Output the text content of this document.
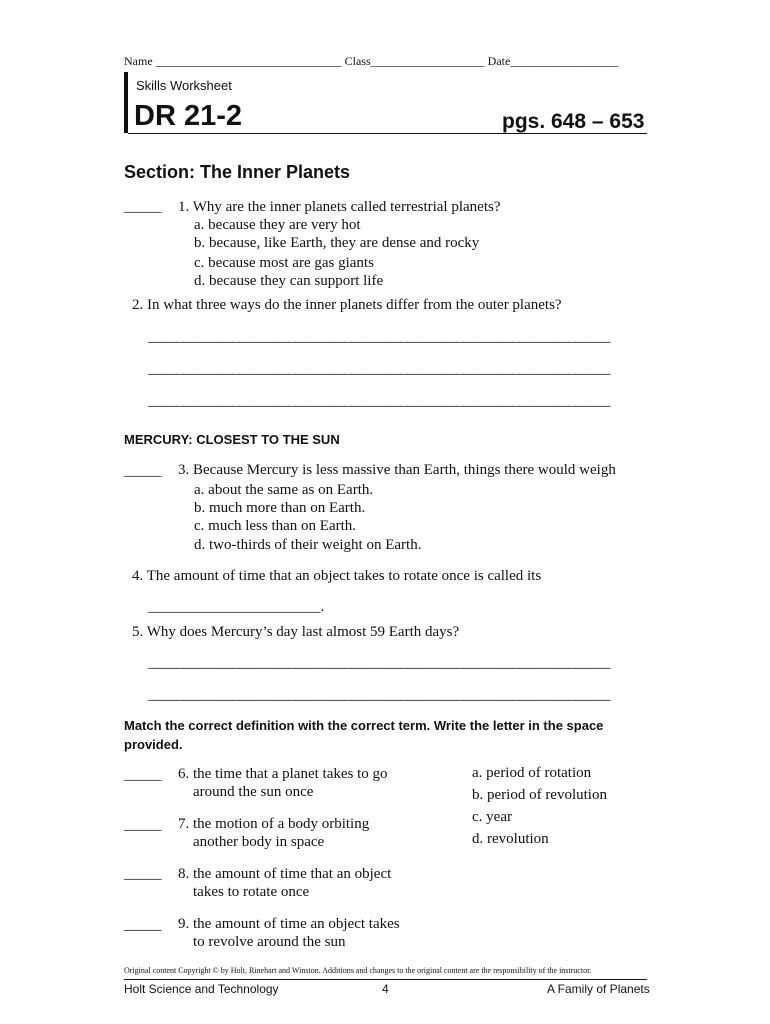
Name _______________________________ Class___________________ Date__________________
Skills Worksheet
DR 21-2	pgs. 648 – 653
Section: The Inner Planets
_____ 1. Why are the inner planets called terrestrial planets?
a. because they are very hot
b. because, like Earth, they are dense and rocky
c. because most are gas giants
d. because they can support life
2. In what three ways do the inner planets differ from the outer planets?
__________________________________________________________________
__________________________________________________________________
__________________________________________________________________
MERCURY: CLOSEST TO THE SUN
_____ 3. Because Mercury is less massive than Earth, things there would weigh
a. about the same as on Earth.
b. much more than on Earth.
c. much less than on Earth.
d. two-thirds of their weight on Earth.
4. The amount of time that an object takes to rotate once is called its
_______________________.
5. Why does Mercury’s day last almost 59 Earth days?
__________________________________________________________________
__________________________________________________________________
Match the correct definition with the correct term. Write the letter in the space provided.
_____ 6. the time that a planet takes to go
around the sun once
_____ 7. the motion of a body orbiting
another body in space
_____ 8. the amount of time that an object
takes to rotate once
_____ 9. the amount of time an object takes
to revolve around the sun
a. period of rotation
b. period of revolution
c. year
d. revolution
Original content Copyright © by Holt, Rinehart and Winston. Additions and changes to the original content are the responsibility of the instructor.
Holt Science and Technology	4	A Family of Planets
